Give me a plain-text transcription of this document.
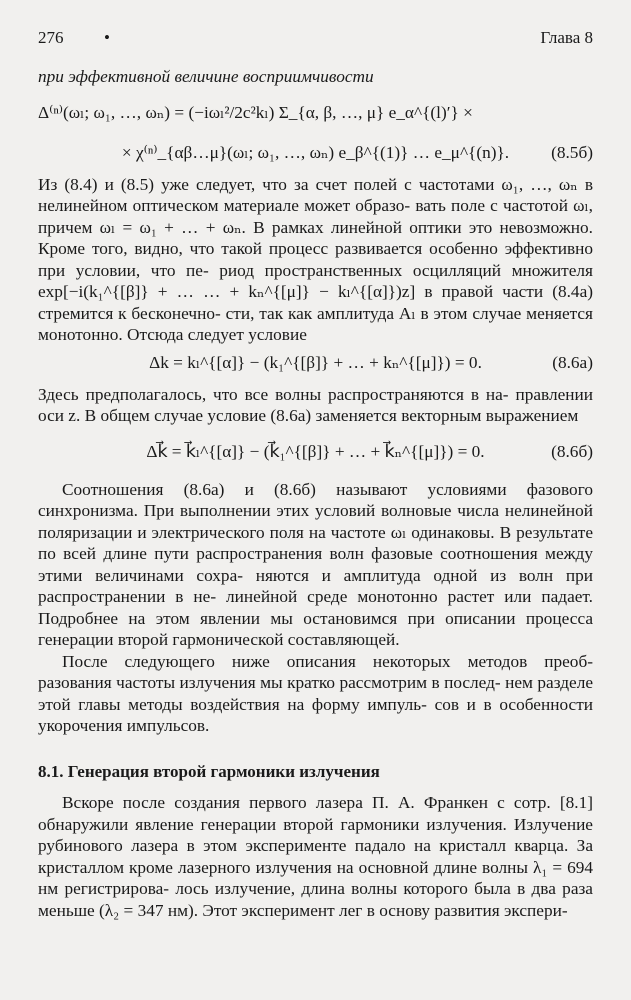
276 •	Глава 8

при эффективной величине восприимчивости

Δ⁽ⁿ⁾(ωₗ; ω₁, …, ωₙ) = (−iωₗ²/2c²kₗ) Σ_{α, β, …, μ} e_α^{(l)′} ×
× χ⁽ⁿ⁾_{αβ…μ}(ωₗ; ω₁, …, ωₙ) e_β^{(1)} … e_μ^{(n)}.	(8.5б)

Из (8.4) и (8.5) уже следует, что за счет полей с частотами ω₁, …, ωₙ в нелинейном оптическом материале может образо- вать поле с частотой ωₗ, причем ωₗ = ω₁ + … + ωₙ. В рамках линейной оптики это невозможно. Кроме того, видно, что такой процесс развивается особенно эффективно при условии, что пе- риод пространственных осцилляций множителя exp[−i(k₁^{[β]} + … … + kₙ^{[μ]} − kₗ^{[α]})z] в правой части (8.4а) стремится к бесконечно- сти, так как амплитуда Aₗ в этом случае меняется монотонно. Отсюда следует условие

Δk = kₗ^{[α]} − (k₁^{[β]} + … + kₙ^{[μ]}) = 0.	(8.6а)

Здесь предполагалось, что все волны распространяются в на- правлении оси z. В общем случае условие (8.6а) заменяется векторным выражением

Δk⃗ = k⃗ₗ^{[α]} − (k⃗₁^{[β]} + … + k⃗ₙ^{[μ]}) = 0.	(8.6б)

Соотношения (8.6а) и (8.6б) называют условиями фазового синхронизма. При выполнении этих условий волновые числа нелинейной поляризации и электрического поля на частоте ωₗ одинаковы. В результате по всей длине пути распространения волн фазовые соотношения между этими величинами сохра- няются и амплитуда одной из волн при распространении в не- линейной среде монотонно растет или падает. Подробнее на этом явлении мы остановимся при описании процесса генерации второй гармонической составляющей.

После следующего ниже описания некоторых методов преоб- разования частоты излучения мы кратко рассмотрим в послед- нем разделе этой главы методы воздействия на форму импуль- сов и в особенности укорочения импульсов.

8.1. Генерация второй гармоники излучения

Вскоре после создания первого лазера П. А. Франкен с сотр. [8.1] обнаружили явление генерации второй гармоники излучения. Излучение рубинового лазера в этом эксперименте падало на кристалл кварца. За кристаллом кроме лазерного излучения на основной длине волны λ₁ = 694 нм регистрирова- лось излучение, длина волны которого была в два раза меньше (λ₂ = 347 нм). Этот эксперимент лег в основу развития экспери-
